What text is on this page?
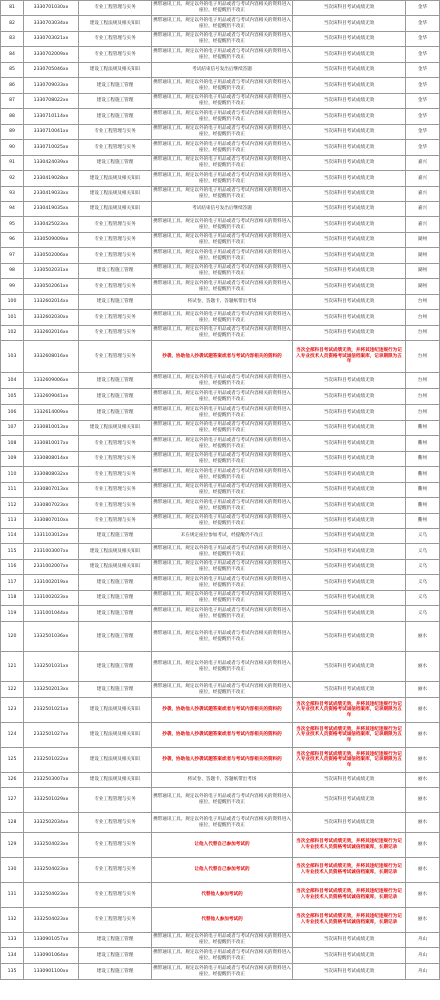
81	3330701030xx	专业工程管理与实务	携带通讯工具、规定以外的电子用品或者与考试内容相关的资料进入座位，经提醒仍不改正	当次该科目考试成绩无效	金华
82	3330703034xx	建设工程法规及相关知识	携带通讯工具、规定以外的电子用品或者与考试内容相关的资料进入座位，经提醒仍不改正	当次该科目考试成绩无效	金华
83	3330703021xx	专业工程管理与实务	携带通讯工具、规定以外的电子用品或者与考试内容相关的资料进入座位，经提醒仍不改正	当次该科目考试成绩无效	金华
84	3330702009xx	专业工程管理与实务	携带通讯工具、规定以外的电子用品或者与考试内容相关的资料进入座位，经提醒仍不改正	当次该科目考试成绩无效	金华
85	2330705046xx	建设工程法规及相关知识	考试结束信号发出后继续答题	当次该科目考试成绩无效	金华
86	1330709033xx	建设工程施工管理	携带通讯工具、规定以外的电子用品或者与考试内容相关的资料进入座位，经提醒仍不改正	当次该科目考试成绩无效	金华
87	1330708022xx	建设工程施工管理	携带通讯工具、规定以外的电子用品或者与考试内容相关的资料进入座位，经提醒仍不改正	当次该科目考试成绩无效	金华
88	1330710114xx	建设工程施工管理	携带通讯工具、规定以外的电子用品或者与考试内容相关的资料进入座位，经提醒仍不改正	当次该科目考试成绩无效	金华
89	3330710041xx	专业工程管理与实务	携带通讯工具、规定以外的电子用品或者与考试内容相关的资料进入座位，经提醒仍不改正	当次该科目考试成绩无效	金华
90	3330710025xx	专业工程管理与实务	携带通讯工具、规定以外的电子用品或者与考试内容相关的资料进入座位，经提醒仍不改正	当次该科目考试成绩无效	金华
91	1330424039xx	建设工程施工管理	携带通讯工具、规定以外的电子用品或者与考试内容相关的资料进入座位，经提醒仍不改正	当次该科目考试成绩无效	嘉兴
92	2330419028xx	建设工程法规及相关知识	携带通讯工具、规定以外的电子用品或者与考试内容相关的资料进入座位，经提醒仍不改正	当次该科目考试成绩无效	嘉兴
93	2330419033xx	建设工程法规及相关知识	携带通讯工具、规定以外的电子用品或者与考试内容相关的资料进入座位，经提醒仍不改正	当次该科目考试成绩无效	嘉兴
94	2330419035xx	建设工程法规及相关知识	考试结束信号发出后继续答题	当次该科目考试成绩无效	嘉兴
95	3330425023xx	专业工程管理与实务	携带通讯工具、规定以外的电子用品或者与考试内容相关的资料进入座位，经提醒仍不改正	当次该科目考试成绩无效	嘉兴
96	3330509009xx	专业工程管理与实务	携带通讯工具、规定以外的电子用品或者与考试内容相关的资料进入座位，经提醒仍不改正	当次该科目考试成绩无效	湖州
97	3330502006xx	专业工程管理与实务	携带通讯工具、规定以外的电子用品或者与考试内容相关的资料进入座位，经提醒仍不改正	当次该科目考试成绩无效	湖州
98	1330502031xx	建设工程施工管理	携带通讯工具、规定以外的电子用品或者与考试内容相关的资料进入座位，经提醒仍不改正	当次该科目考试成绩无效	湖州
99	3330502061xx	专业工程管理与实务	携带通讯工具、规定以外的电子用品或者与考试内容相关的资料进入座位，经提醒仍不改正	当次该科目考试成绩无效	湖州
100	1332602014xx	建设工程施工管理	将试卷、答题卡、答题纸带出考场	当次该科目考试成绩无效	台州
101	3332602030xx	专业工程管理与实务	携带通讯工具、规定以外的电子用品或者与考试内容相关的资料进入座位，经提醒仍不改正	当次该科目考试成绩无效	台州
102	3332602016xx	专业工程管理与实务	携带通讯工具、规定以外的电子用品或者与考试内容相关的资料进入座位，经提醒仍不改正	当次该科目考试成绩无效	台州
103	3332608016xx	专业工程管理与实务	抄袭、协助他人抄袭试题答案或者与考试内容相关的资料的	当次全部科目考试成绩无效，并将其违纪违规行为记入专业技术人员资格考试诚信档案库，记录期限为五年	台州
104	1332609006xx	建设工程施工管理	携带通讯工具、规定以外的电子用品或者与考试内容相关的资料进入座位，经提醒仍不改正	当次该科目考试成绩无效	台州
105	1332609041xx	建设工程施工管理	携带通讯工具、规定以外的电子用品或者与考试内容相关的资料进入座位，经提醒仍不改正	当次该科目考试成绩无效	台州
106	1332614009xx	建设工程施工管理	携带通讯工具、规定以外的电子用品或者与考试内容相关的资料进入座位，经提醒仍不改正	当次该科目考试成绩无效	台州
107	2330810013xx	建设工程法规及相关知识	携带通讯工具、规定以外的电子用品或者与考试内容相关的资料进入座位，经提醒仍不改正	当次该科目考试成绩无效	衢州
108	3330810017xx	专业工程管理与实务	携带通讯工具、规定以外的电子用品或者与考试内容相关的资料进入座位，经提醒仍不改正	当次该科目考试成绩无效	衢州
109	3330808014xx	专业工程管理与实务	携带通讯工具、规定以外的电子用品或者与考试内容相关的资料进入座位，经提醒仍不改正	当次该科目考试成绩无效	衢州
110	3330808032xx	专业工程管理与实务	携带通讯工具、规定以外的电子用品或者与考试内容相关的资料进入座位，经提醒仍不改正	当次该科目考试成绩无效	衢州
111	3330807013xx	专业工程管理与实务	携带通讯工具、规定以外的电子用品或者与考试内容相关的资料进入座位，经提醒仍不改正	当次该科目考试成绩无效	衢州
112	3330807023xx	专业工程管理与实务	携带通讯工具、规定以外的电子用品或者与考试内容相关的资料进入座位，经提醒仍不改正	当次该科目考试成绩无效	衢州
113	3330807010xx	专业工程管理与实务	携带通讯工具、规定以外的电子用品或者与考试内容相关的资料进入座位，经提醒仍不改正	当次该科目考试成绩无效	衢州
114	1331103012xx	建设工程施工管理	未在规定座位参加考试，经提醒仍不改正	当次该科目考试成绩无效	义乌
115	2331003007xx	建设工程法规及相关知识	携带通讯工具、规定以外的电子用品或者与考试内容相关的资料进入座位，经提醒仍不改正	当次该科目考试成绩无效	义乌
116	2331002007xx	建设工程法规及相关知识	携带通讯工具、规定以外的电子用品或者与考试内容相关的资料进入座位，经提醒仍不改正	当次该科目考试成绩无效	义乌
117	1331002019xx	建设工程施工管理	携带通讯工具、规定以外的电子用品或者与考试内容相关的资料进入座位，经提醒仍不改正	当次该科目考试成绩无效	义乌
118	1331002023xx	建设工程施工管理	携带通讯工具、规定以外的电子用品或者与考试内容相关的资料进入座位，经提醒仍不改正	当次该科目考试成绩无效	义乌
119	1331001044xx	建设工程施工管理	携带通讯工具、规定以外的电子用品或者与考试内容相关的资料进入座位，经提醒仍不改正	当次该科目考试成绩无效	义乌
120	1332501036xx	建设工程施工管理	携带通讯工具、规定以外的电子用品或者与考试内容相关的资料进入座位，经提醒仍不改正	当次该科目考试成绩无效	丽水
121	1332501031xx	建设工程施工管理	携带通讯工具、规定以外的电子用品或者与考试内容相关的资料进入座位，经提醒仍不改正	当次该科目考试成绩无效	丽水
122	1332502013xx	建设工程施工管理	携带通讯工具、规定以外的电子用品或者与考试内容相关的资料进入座位，经提醒仍不改正	当次该科目考试成绩无效	丽水
123	2332501021xx	建设工程法规及相关知识	抄袭、协助他人抄袭试题答案或者与考试内容相关的资料的	当次全部科目考试成绩无效，并将其违纪违规行为记入专业技术人员资格考试诚信档案库，记录期限为五年	丽水
124	2332501027xx	建设工程法规及相关知识	抄袭、协助他人抄袭试题答案或者与考试内容相关的资料的	当次全部科目考试成绩无效，并将其违纪违规行为记入专业技术人员资格考试诚信档案库，记录期限为五年	丽水
125	2332501022xx	建设工程法规及相关知识	抄袭、协助他人抄袭试题答案或者与考试内容相关的资料的	当次全部科目考试成绩无效，并将其违纪违规行为记入专业技术人员资格考试诚信档案库，记录期限为五年	丽水
126	2332503007xx	建设工程法规及相关知识	将试卷、答题卡、答题纸带出考场	当次该科目考试成绩无效	丽水
127	3332501029xx	专业工程管理与实务	携带通讯工具、规定以外的电子用品或者与考试内容相关的资料进入座位，经提醒仍不改正	当次该科目考试成绩无效	丽水
128	3332502034xx	专业工程管理与实务	携带通讯工具、规定以外的电子用品或者与考试内容相关的资料进入座位，经提醒仍不改正	当次该科目考试成绩无效	丽水
129	3332504023xx	专业工程管理与实务	让他人代替自己参加考试的	当次全部科目考试成绩无效，并将其违纪违规行为记入专业技术人员资格考试诚信档案库，长期记录	丽水
130	3332504023xx	专业工程管理与实务	让他人代替自己参加考试的	当次全部科目考试成绩无效，并将其违纪违规行为记入专业技术人员资格考试诚信档案库，长期记录	丽水
131	3332504023xx	专业工程管理与实务	代替他人参加考试的	当次全部科目考试成绩无效，并将其违纪违规行为记入专业技术人员资格考试诚信档案库，长期记录	丽水
132	3332504023xx	专业工程管理与实务	代替他人参加考试的	当次全部科目考试成绩无效，并将其违纪违规行为记入专业技术人员资格考试诚信档案库，长期记录	丽水
133	1330901057xx	建设工程施工管理	携带通讯工具、规定以外的电子用品或者与考试内容相关的资料进入座位，经提醒仍不改正	当次该科目考试成绩无效	舟山
134	1330901064xx	建设工程施工管理	携带通讯工具、规定以外的电子用品或者与考试内容相关的资料进入座位，经提醒仍不改正	当次该科目考试成绩无效	舟山
135	1330901100xx	建设工程施工管理	携带通讯工具、规定以外的电子用品或者与考试内容相关的资料进入座位，经提醒仍不改正	当次该科目考试成绩无效	舟山
